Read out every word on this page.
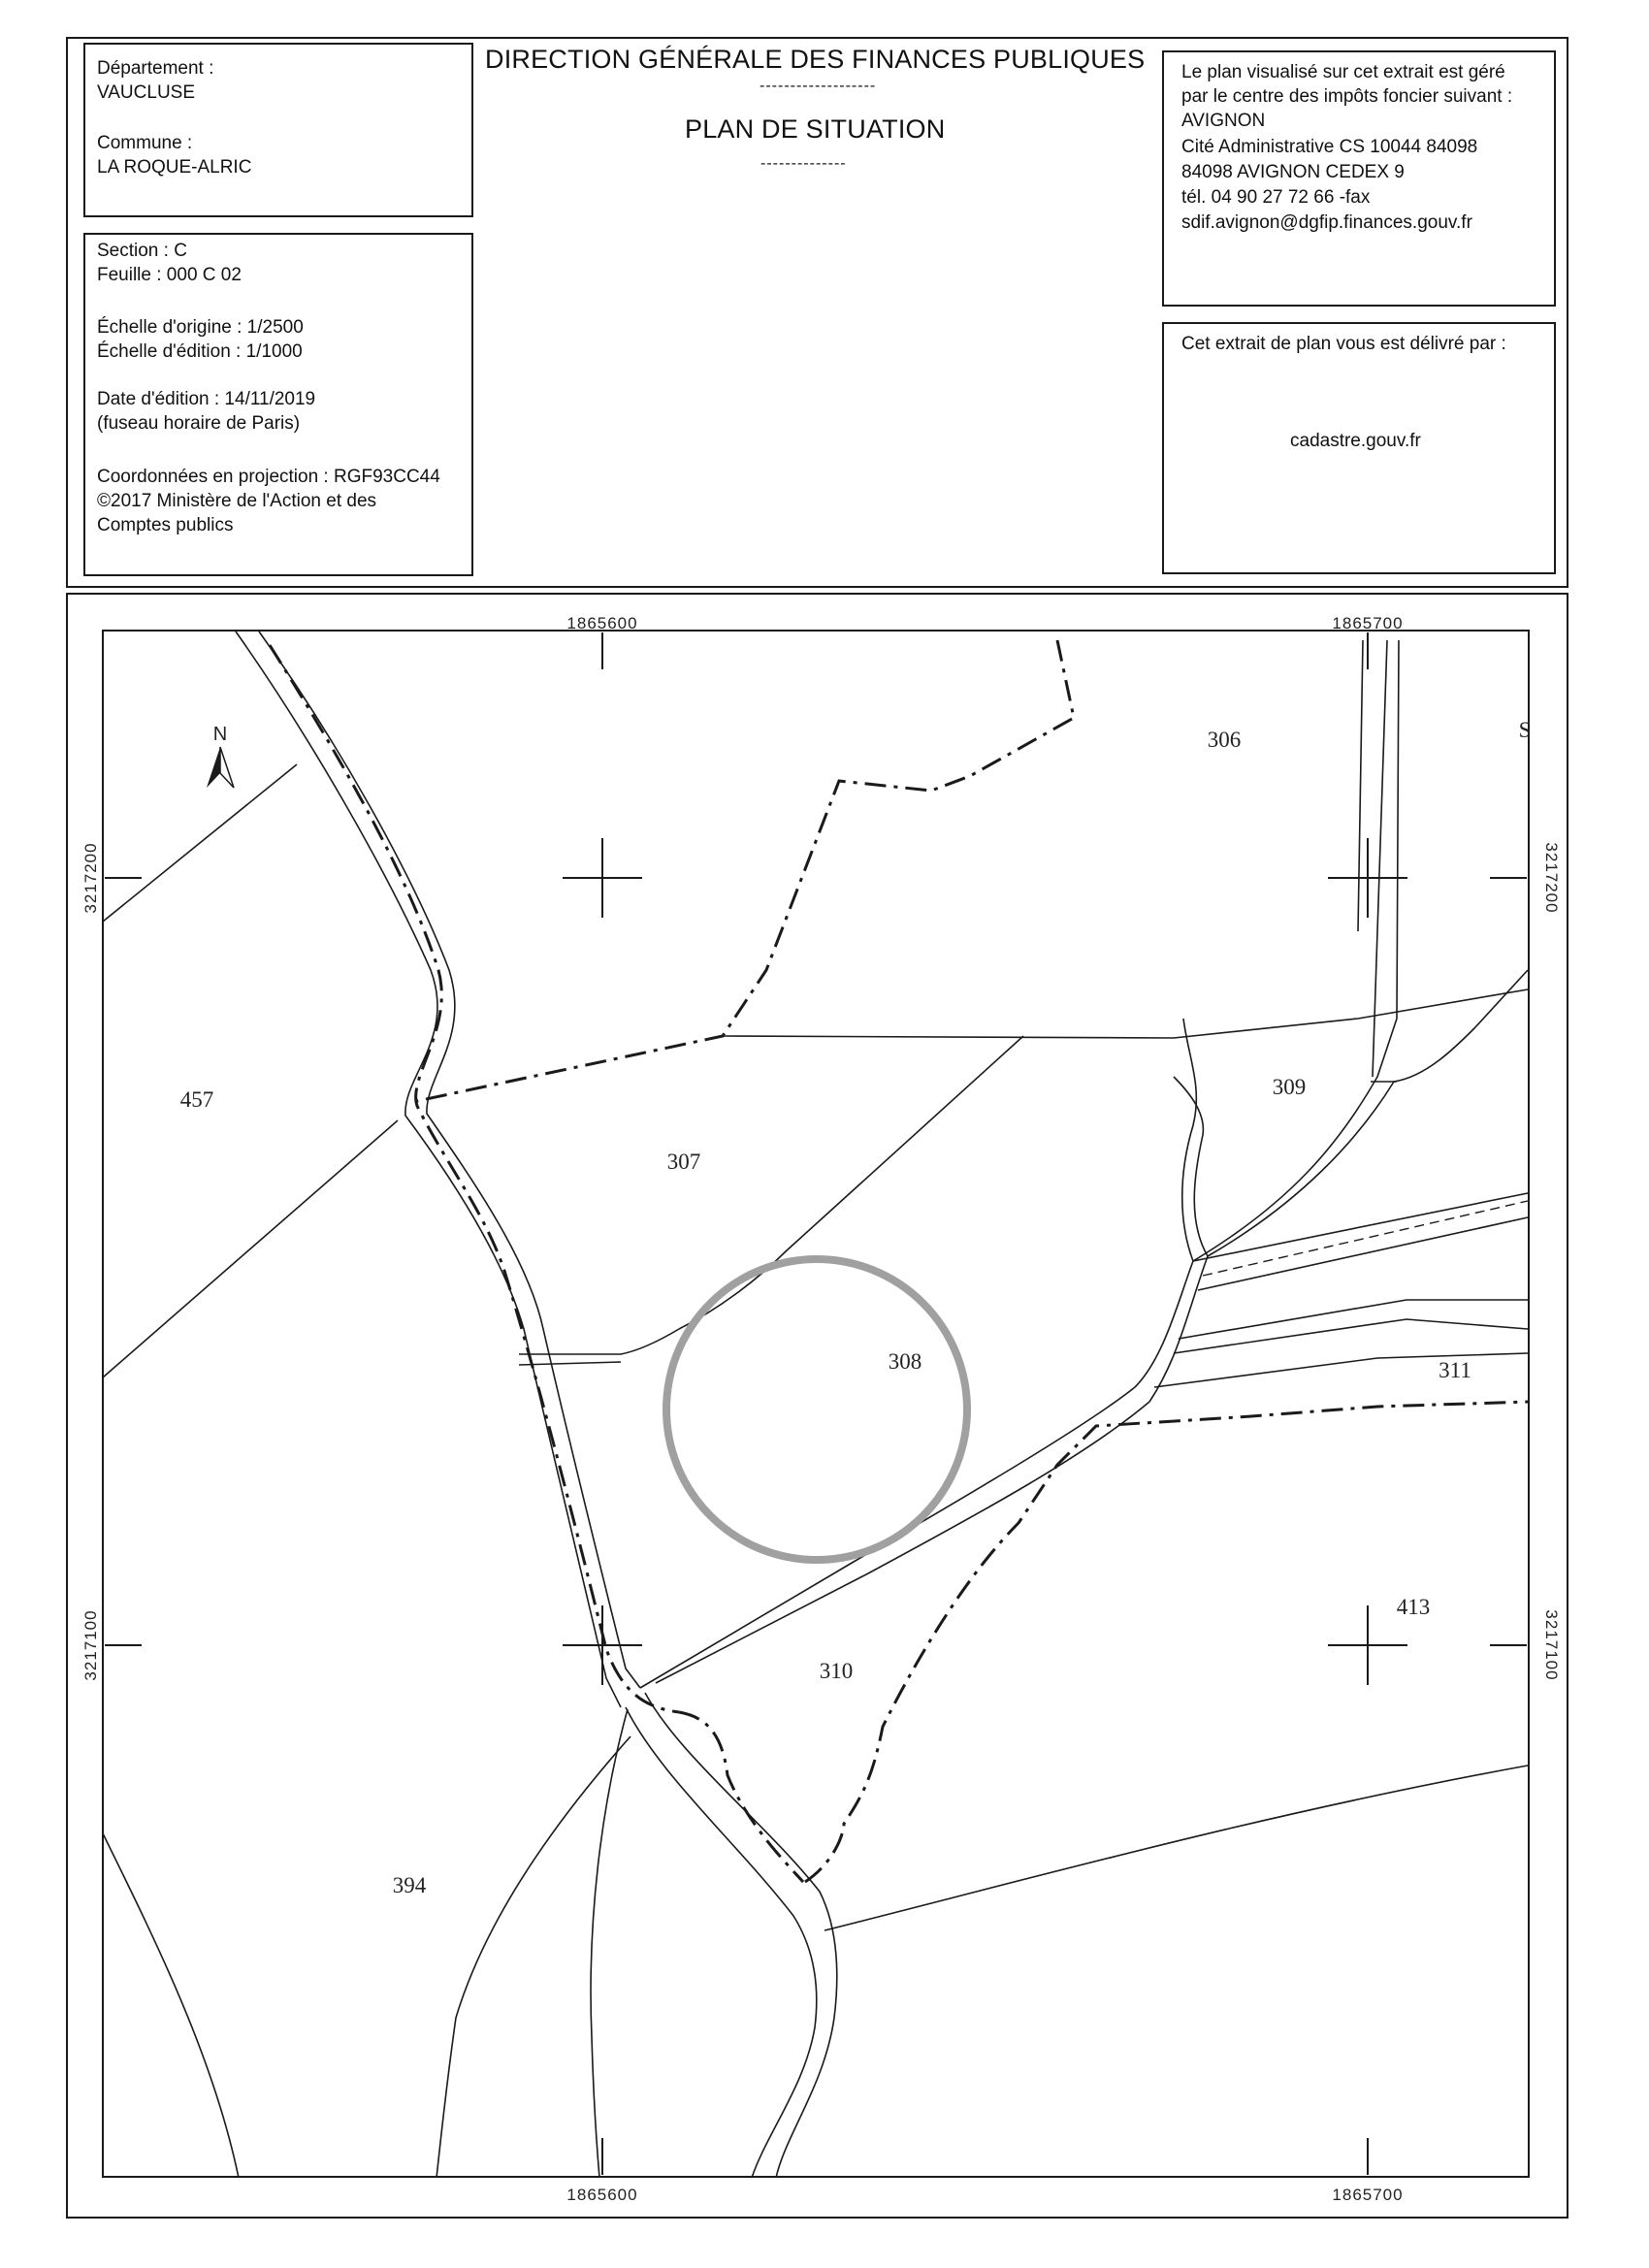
Département :
VAUCLUSE
Commune :
LA ROQUE-ALRIC
Section : C
Feuille : 000 C 02
Échelle d'origine : 1/2500
Échelle d'édition : 1/1000
Date d'édition : 14/11/2019
(fuseau horaire de Paris)
Coordonnées en projection : RGF93CC44
©2017 Ministère de l'Action et des
Comptes publics
DIRECTION GÉNÉRALE DES FINANCES PUBLIQUES
-------------------
PLAN DE SITUATION
--------------
Le plan visualisé sur cet extrait est géré
par le centre des impôts foncier suivant :
AVIGNON
Cité Administrative CS 10044 84098
84098 AVIGNON CEDEX 9
tél. 04 90 27 72 66 -fax
sdif.avignon@dgfip.finances.gouv.fr
Cet extrait de plan vous est délivré par :
cadastre.gouv.fr
1865600	1865700
1865600	1865700
3217200	3217200
3217100	3217100
N	306
309
457
307
308	311
413
310
394
S
